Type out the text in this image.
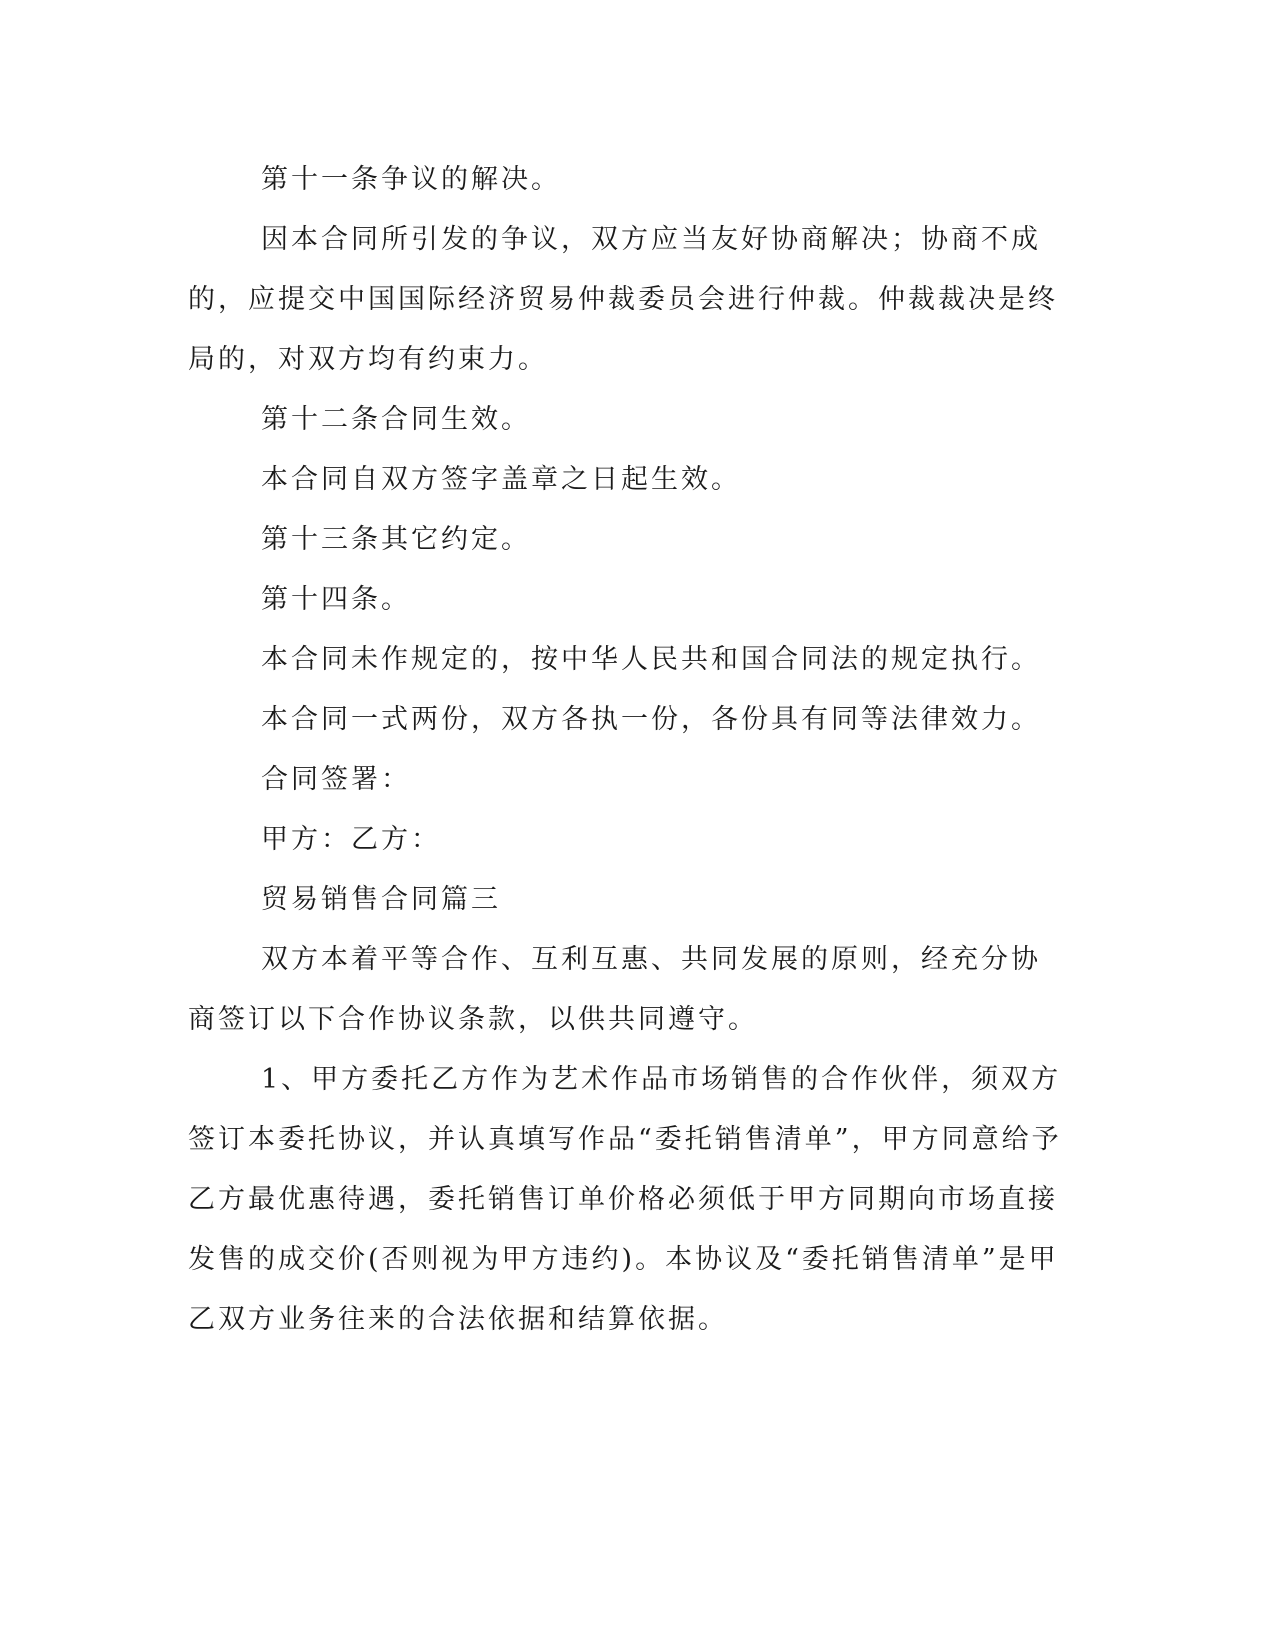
第十一条争议的解决。

因本合同所引发的争议，双方应当友好协商解决；协商不成的，应提交中国国际经济贸易仲裁委员会进行仲裁。仲裁裁决是终局的，对双方均有约束力。

第十二条合同生效。

本合同自双方签字盖章之日起生效。

第十三条其它约定。

第十四条。

本合同未作规定的，按中华人民共和国合同法的规定执行。

本合同一式两份，双方各执一份，各份具有同等法律效力。

合同签署：

甲方：乙方：

贸易销售合同篇三

双方本着平等合作、互利互惠、共同发展的原则，经充分协商签订以下合作协议条款，以供共同遵守。

1、甲方委托乙方作为艺术作品市场销售的合作伙伴，须双方签订本委托协议，并认真填写作品“委托销售清单”，甲方同意给予乙方最优惠待遇，委托销售订单价格必须低于甲方同期向市场直接发售的成交价(否则视为甲方违约)。本协议及“委托销售清单”是甲乙双方业务往来的合法依据和结算依据。
